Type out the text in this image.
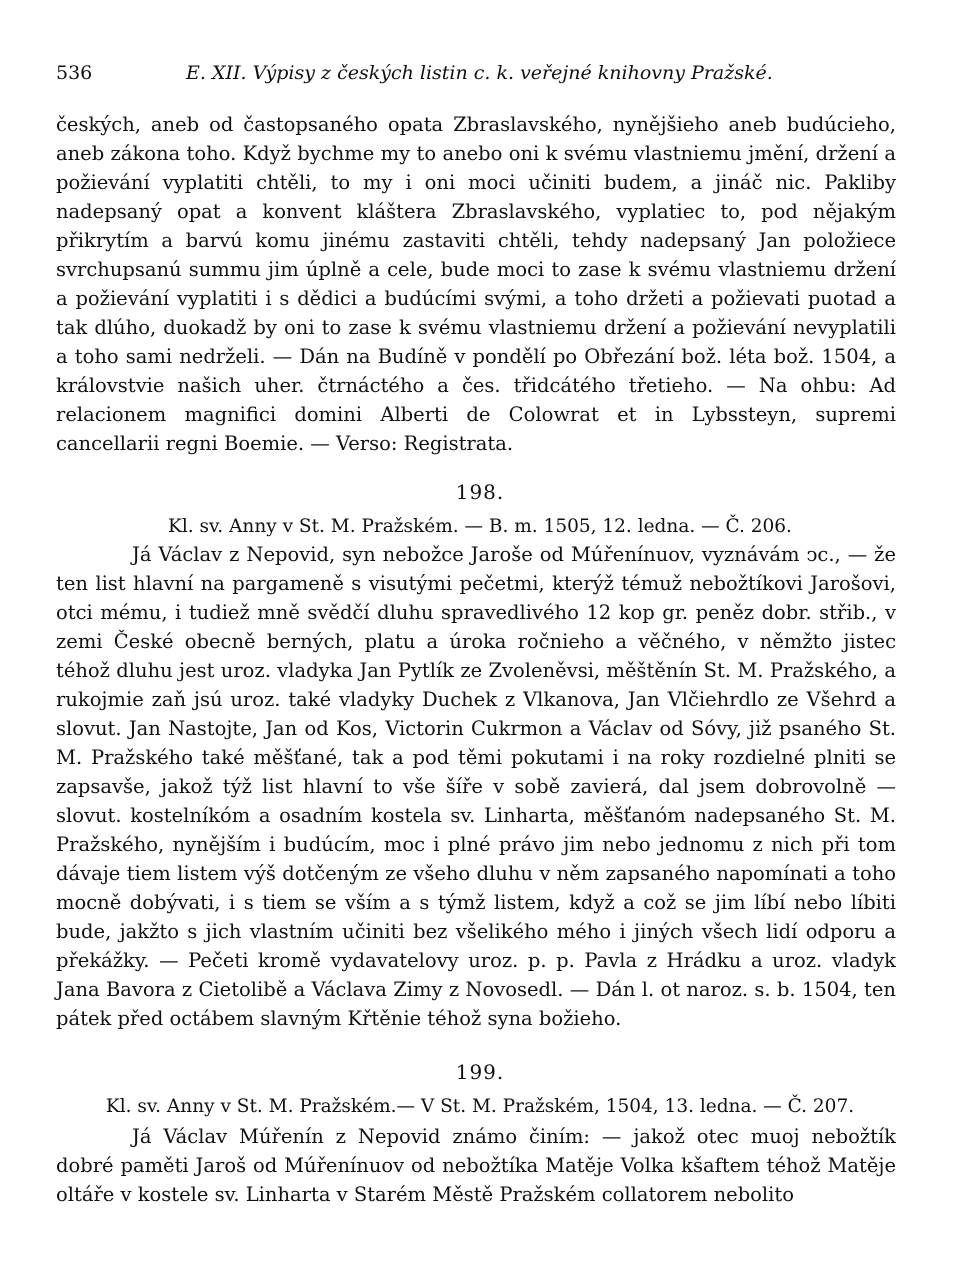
536	E. XII. Výpisy z českých listin c. k. veřejné knihovny Pražské.

českých, aneb od častopsaného opata Zbraslavského, nynějšieho aneb budúcieho, aneb zákona toho. Když bychme my to anebo oni k svému vlastniemu jmění, držení a požievání vyplatiti chtěli, to my i oni moci učiniti budem, a jináč nic. Pakliby nadepsaný opat a konvent kláštera Zbraslavského, vyplatiec to, pod nějakým přikrytím a barvú komu jinému zastaviti chtěli, tehdy nadepsaný Jan položiece svrchupsanú summu jim úplně a cele, bude moci to zase k svému vlastniemu držení a požievání vyplatiti i s dědici a budúcími svými, a toho držeti a požievati puotad a tak dlúho, duokadž by oni to zase k svému vlastniemu držení a požievání nevyplatili a toho sami nedrželi. — Dán na Budíně v pondělí po Obřezání bož. léta bož. 1504, a královstvie našich uher. čtrnáctého a čes. třidcátého třetieho. — Na ohbu: Ad relacionem magnifici domini Alberti de Colowrat et in Lybssteyn, supremi cancellarii regni Boemie. — Verso: Registrata.

198.
Kl. sv. Anny v St. M. Pražském. — B. m. 1505, 12. ledna. — Č. 206.

Já Václav z Nepovid, syn nebožce Jaroše od Múřenínuov, vyznávám ↄc., — že ten list hlavní na pargameně s visutými pečetmi, kterýž témuž nebožtíkovi Jarošovi, otci mému, i tudiež mně svědčí dluhu spravedlivého 12 kop gr. peněz dobr. střib., v zemi České obecně berných, platu a úroka ročnieho a věčného, v němžto jistec téhož dluhu jest uroz. vladyka Jan Pytlík ze Zvoleněvsi, měštěnín St. M. Pražského, a rukojmie zaň jsú uroz. také vladyky Duchek z Vlkanova, Jan Vlčiehrdlo ze Všehrd a slovut. Jan Nastojte, Jan od Kos, Victorin Cukrmon a Václav od Sóvy, již psaného St. M. Pražského také měšťané, tak a pod těmi pokutami i na roky rozdielné plniti se zapsavše, jakož týž list hlavní to vše šíře v sobě zavierá, dal jsem dobrovolně — slovut. kostelníkóm a osadním kostela sv. Linharta, měšťanóm nadepsaného St. M. Pražského, nynějším i budúcím, moc i plné právo jim nebo jednomu z nich při tom dávaje tiem listem výš dotčeným ze všeho dluhu v něm zapsaného napomínati a toho mocně dobývati, i s tiem se vším a s týmž listem, když a což se jim líbí nebo líbiti bude, jakžto s jich vlastním učiniti bez všelikého mého i jiných všech lidí odporu a překážky. — Pečeti kromě vydavatelovy uroz. p. p. Pavla z Hrádku a uroz. vladyk Jana Bavora z Cietolibě a Václava Zimy z Novosedl. — Dán l. ot naroz. s. b. 1504, ten pátek před octábem slavným Křtěnie téhož syna božieho.

199.
Kl. sv. Anny v St. M. Pražském.— V St. M. Pražském, 1504, 13. ledna. — Č. 207.

Já Václav Múřenín z Nepovid známo činím: — jakož otec muoj nebožtík dobré paměti Jaroš od Múřenínuov od nebožtíka Matěje Volka kšaftem téhož Matěje oltáře v kostele sv. Linharta v Starém Městě Pražském collatorem nebolito
